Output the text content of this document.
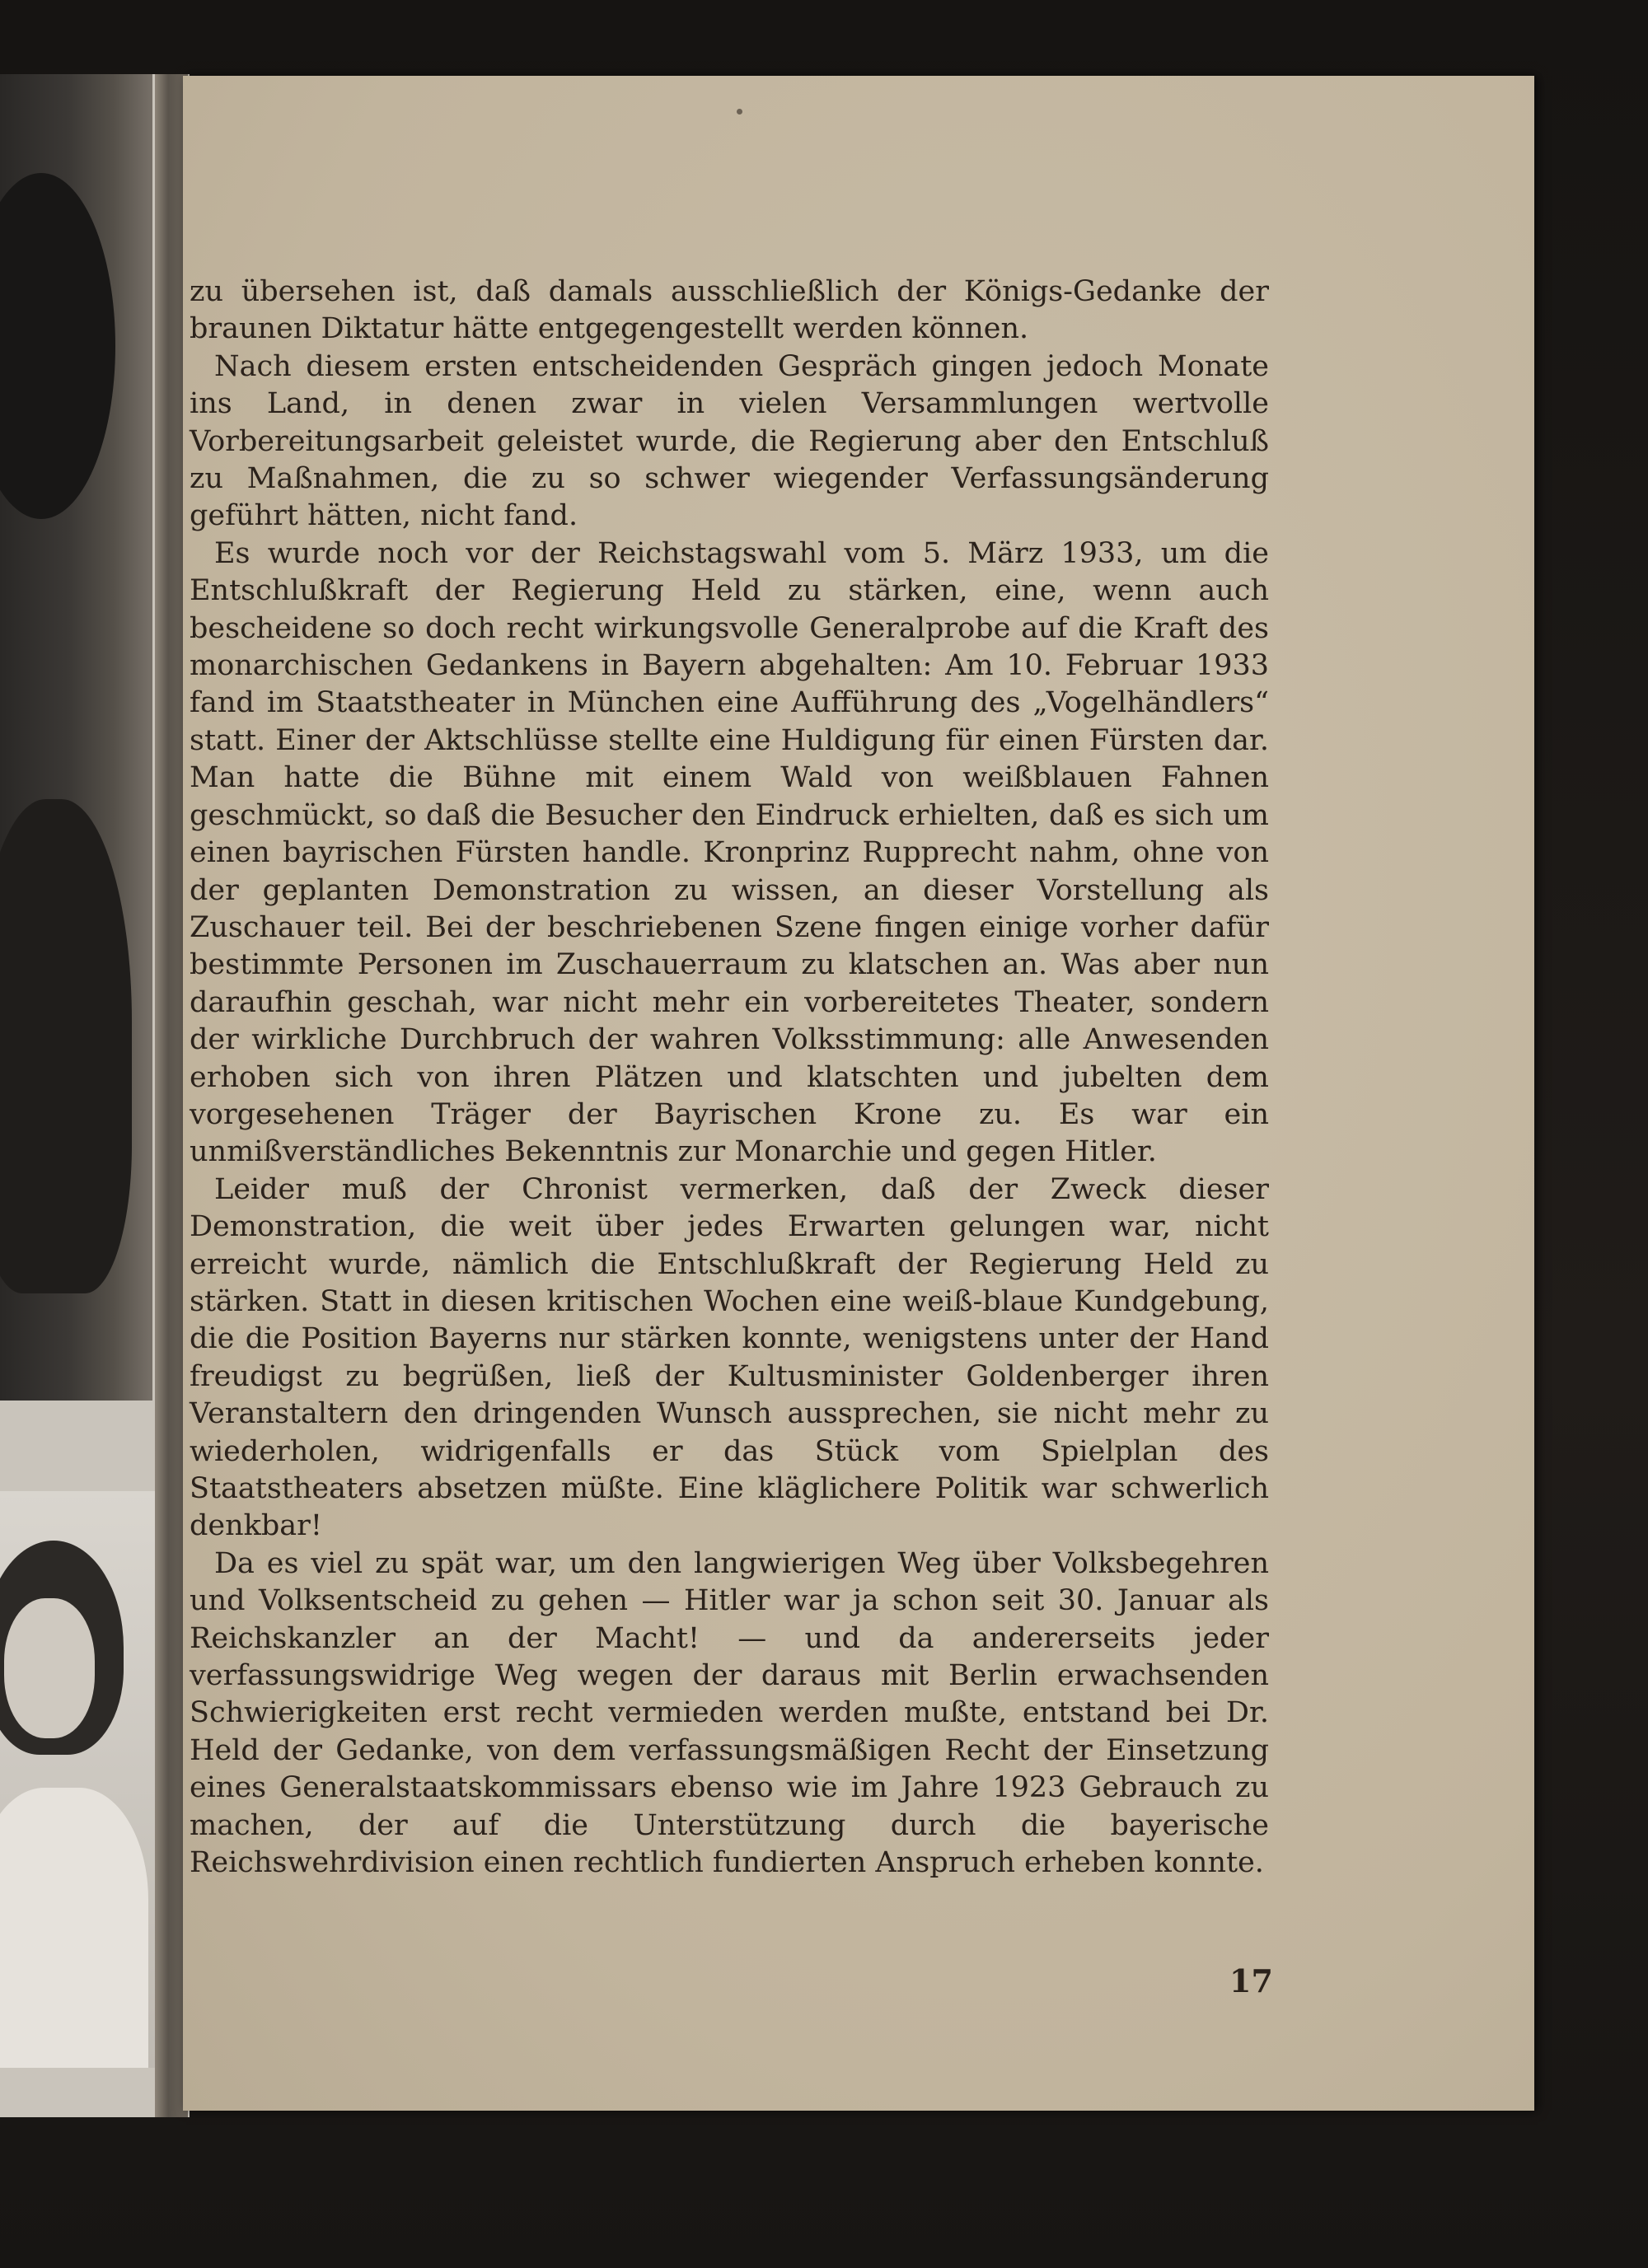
zu übersehen ist, daß damals ausschließlich der Königs-Gedanke der braunen Diktatur hätte entgegengestellt werden können.

Nach diesem ersten entscheidenden Gespräch gingen jedoch Monate ins Land, in denen zwar in vielen Versammlungen wertvolle Vorbereitungsarbeit geleistet wurde, die Regierung aber den Entschluß zu Maßnahmen, die zu so schwer wiegender Verfassungsänderung geführt hätten, nicht fand.

Es wurde noch vor der Reichstagswahl vom 5. März 1933, um die Entschlußkraft der Regierung Held zu stärken, eine, wenn auch bescheidene so doch recht wirkungsvolle Generalprobe auf die Kraft des monarchischen Gedankens in Bayern abgehalten: Am 10. Februar 1933 fand im Staatstheater in München eine Aufführung des „Vogelhändlers“ statt. Einer der Aktschlüsse stellte eine Huldigung für einen Fürsten dar. Man hatte die Bühne mit einem Wald von weißblauen Fahnen geschmückt, so daß die Besucher den Eindruck erhielten, daß es sich um einen bayrischen Fürsten handle. Kronprinz Rupprecht nahm, ohne von der geplanten Demonstration zu wissen, an dieser Vorstellung als Zuschauer teil. Bei der beschriebenen Szene fingen einige vorher dafür bestimmte Personen im Zuschauerraum zu klatschen an. Was aber nun daraufhin geschah, war nicht mehr ein vorbereitetes Theater, sondern der wirkliche Durchbruch der wahren Volksstimmung: alle Anwesenden erhoben sich von ihren Plätzen und klatschten und jubelten dem vorgesehenen Träger der Bayrischen Krone zu. Es war ein unmißverständliches Bekenntnis zur Monarchie und gegen Hitler.

Leider muß der Chronist vermerken, daß der Zweck dieser Demonstration, die weit über jedes Erwarten gelungen war, nicht erreicht wurde, nämlich die Entschlußkraft der Regierung Held zu stärken. Statt in diesen kritischen Wochen eine weiß-blaue Kundgebung, die die Position Bayerns nur stärken konnte, wenigstens unter der Hand freudigst zu begrüßen, ließ der Kultusminister Goldenberger ihren Veranstaltern den dringenden Wunsch aussprechen, sie nicht mehr zu wiederholen, widrigenfalls er das Stück vom Spielplan des Staatstheaters absetzen müßte. Eine kläglichere Politik war schwerlich denkbar!

Da es viel zu spät war, um den langwierigen Weg über Volksbegehren und Volksentscheid zu gehen — Hitler war ja schon seit 30. Januar als Reichskanzler an der Macht! — und da andererseits jeder verfassungswidrige Weg wegen der daraus mit Berlin erwachsenden Schwierigkeiten erst recht vermieden werden mußte, entstand bei Dr. Held der Gedanke, von dem verfassungsmäßigen Recht der Einsetzung eines Generalstaatskommissars ebenso wie im Jahre 1923 Gebrauch zu machen, der auf die Unterstützung durch die bayerische Reichswehrdivision einen rechtlich fundierten Anspruch erheben konnte.

17
